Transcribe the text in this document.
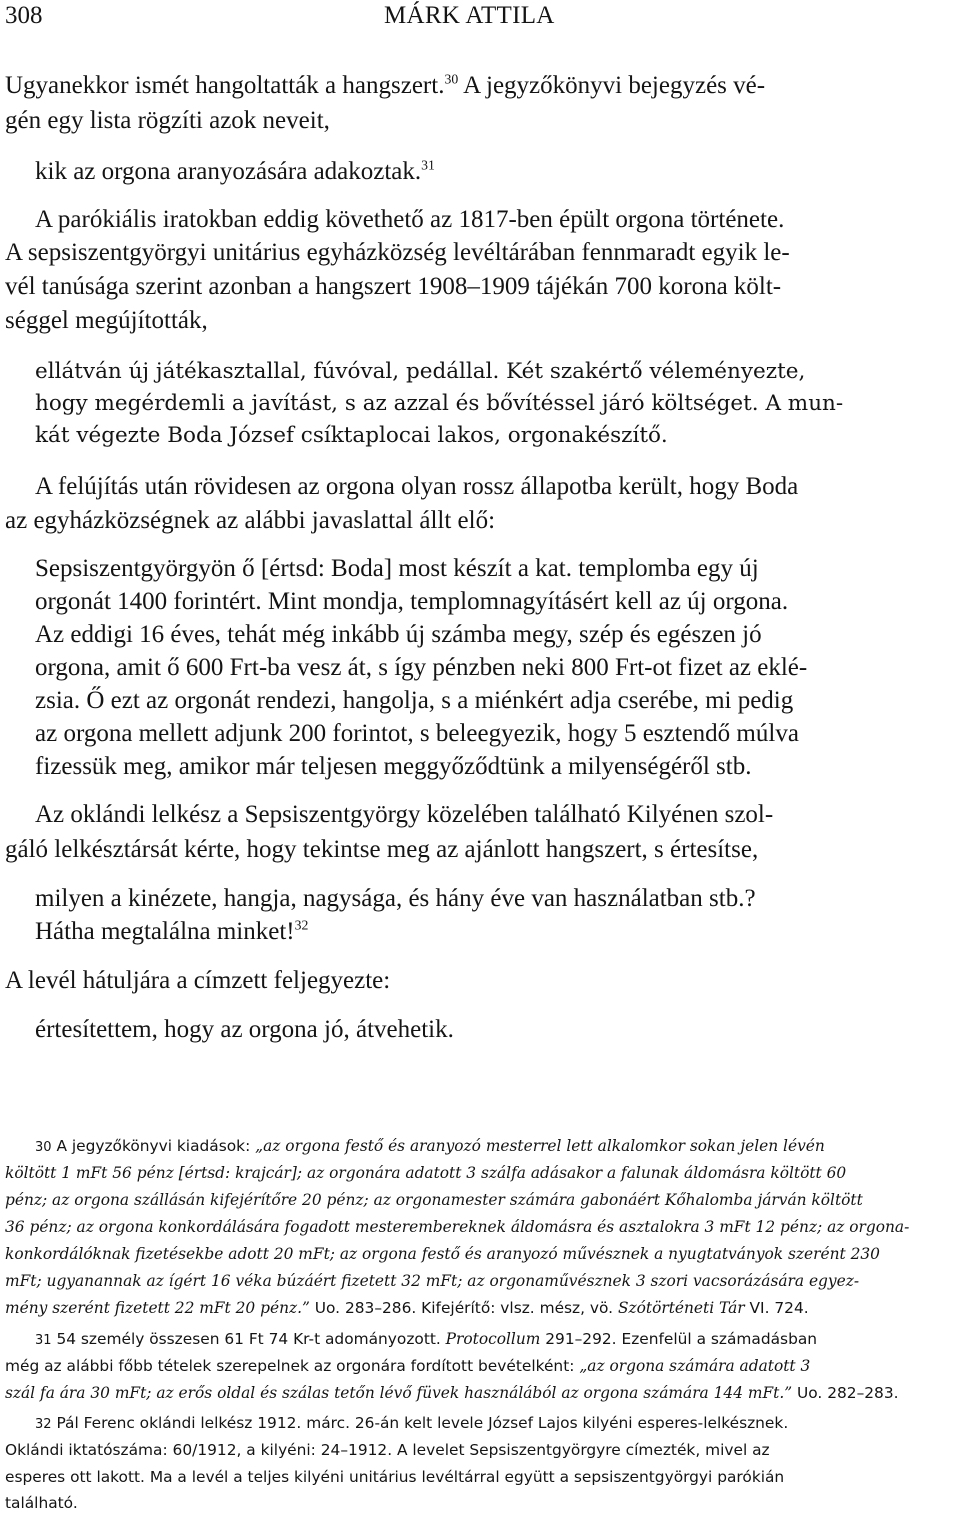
308	MÁRK ATTILA
Ugyanekkor ismét hangoltatták a hangszert.$^{30}$ A jegyzőkönyvi bejegyzés vé-
gén egy lista rögzíti azok neveit,
kik az orgona aranyozására adakoztak.$^{31}$
A parókiális iratokban eddig követhető az 1817-ben épült orgona története.
A sepsiszentgyörgyi unitárius egyházközség levéltárában fennmaradt egyik le-
vél tanúsága szerint azonban a hangszert 1908–1909 tájékán 700 korona költ-
séggel megújították,
ellátván új játékasztallal, fúvóval, pedállal. Két szakértő véleményezte,
hogy megérdemli a javítást, s az azzal és bővítéssel járó költséget. A mun-
kát végezte Boda József csíktaplocai lakos, orgonakészítő.
A felújítás után rövidesen az orgona olyan rossz állapotba került, hogy Boda
az egyházközségnek az alábbi javaslattal állt elő:
Sepsiszentgyörgyön ő [értsd: Boda] most készít a kat. templomba egy új
orgonát 1400 forintért. Mint mondja, templomnagyításért kell az új orgona.
Az eddigi 16 éves, tehát még inkább új számba megy, szép és egészen jó
orgona, amit ő 600 Frt-ba vesz át, s így pénzben neki 800 Frt-ot fizet az eklé-
zsia. Ő ezt az orgonát rendezi, hangolja, s a miénkért adja cserébe, mi pedig
az orgona mellett adjunk 200 forintot, s beleegyezik, hogy 5 esztendő múlva
fizessük meg, amikor már teljesen meggyőződtünk a milyenségéről stb.
Az oklándi lelkész a Sepsiszentgyörgy közelében található Kilyénen szol-
gáló lelkésztársát kérte, hogy tekintse meg az ajánlott hangszert, s értesítse,
milyen a kinézete, hangja, nagysága, és hány éve van használatban stb.?
Hátha megtalálna minket!$^{32}$
A levél hátuljára a címzett feljegyezte:
értesítettem, hogy az orgona jó, átvehetik.
30 A jegyzőkönyvi kiadások: „az orgona festő és aranyozó mesterrel lett alkalomkor sokan jelen lévén
költött 1 mFt 56 pénz [értsd: krajcár]; az orgonára adatott 3 szálfa adásakor a falunak áldomásra költött 60
pénz; az orgona szállásán kifejérítőre 20 pénz; az orgonamester számára gabonáért Kőhalomba járván költött
36 pénz; az orgona konkordálására fogadott mesterembereknek áldomásra és asztalokra 3 mFt 12 pénz; az orgona-
konkordálóknak fizetésekbe adott 20 mFt; az orgona festő és aranyozó művésznek a nyugtatványok szerént 230
mFt; ugyanannak az ígért 16 véka búzáért fizetett 32 mFt; az orgonaművésznek 3 szori vacsorázására egyez-
mény szerént fizetett 22 mFt 20 pénz.” Uo. 283–286. Kifejérítő: vlsz. mész, vö. Szótörténeti Tár VI. 724.
31 54 személy összesen 61 Ft 74 Kr-t adományozott. Protocollum 291–292. Ezenfelül a számadásban
még az alábbi főbb tételek szerepelnek az orgonára fordított bevételként: „az orgona számára adatott 3
szál fa ára 30 mFt; az erős oldal és szálas tetőn lévő füvek használából az orgona számára 144 mFt.” Uo. 282–283.
32 Pál Ferenc oklándi lelkész 1912. márc. 26-án kelt levele József Lajos kilyéni esperes-lelkésznek.
Oklándi iktatószáma: 60/1912, a kilyéni: 24–1912. A levelet Sepsiszentgyörgyre címezték, mivel az
esperes ott lakott. Ma a levél a teljes kilyéni unitárius levéltárral együtt a sepsiszentgyörgyi parókián
található.
